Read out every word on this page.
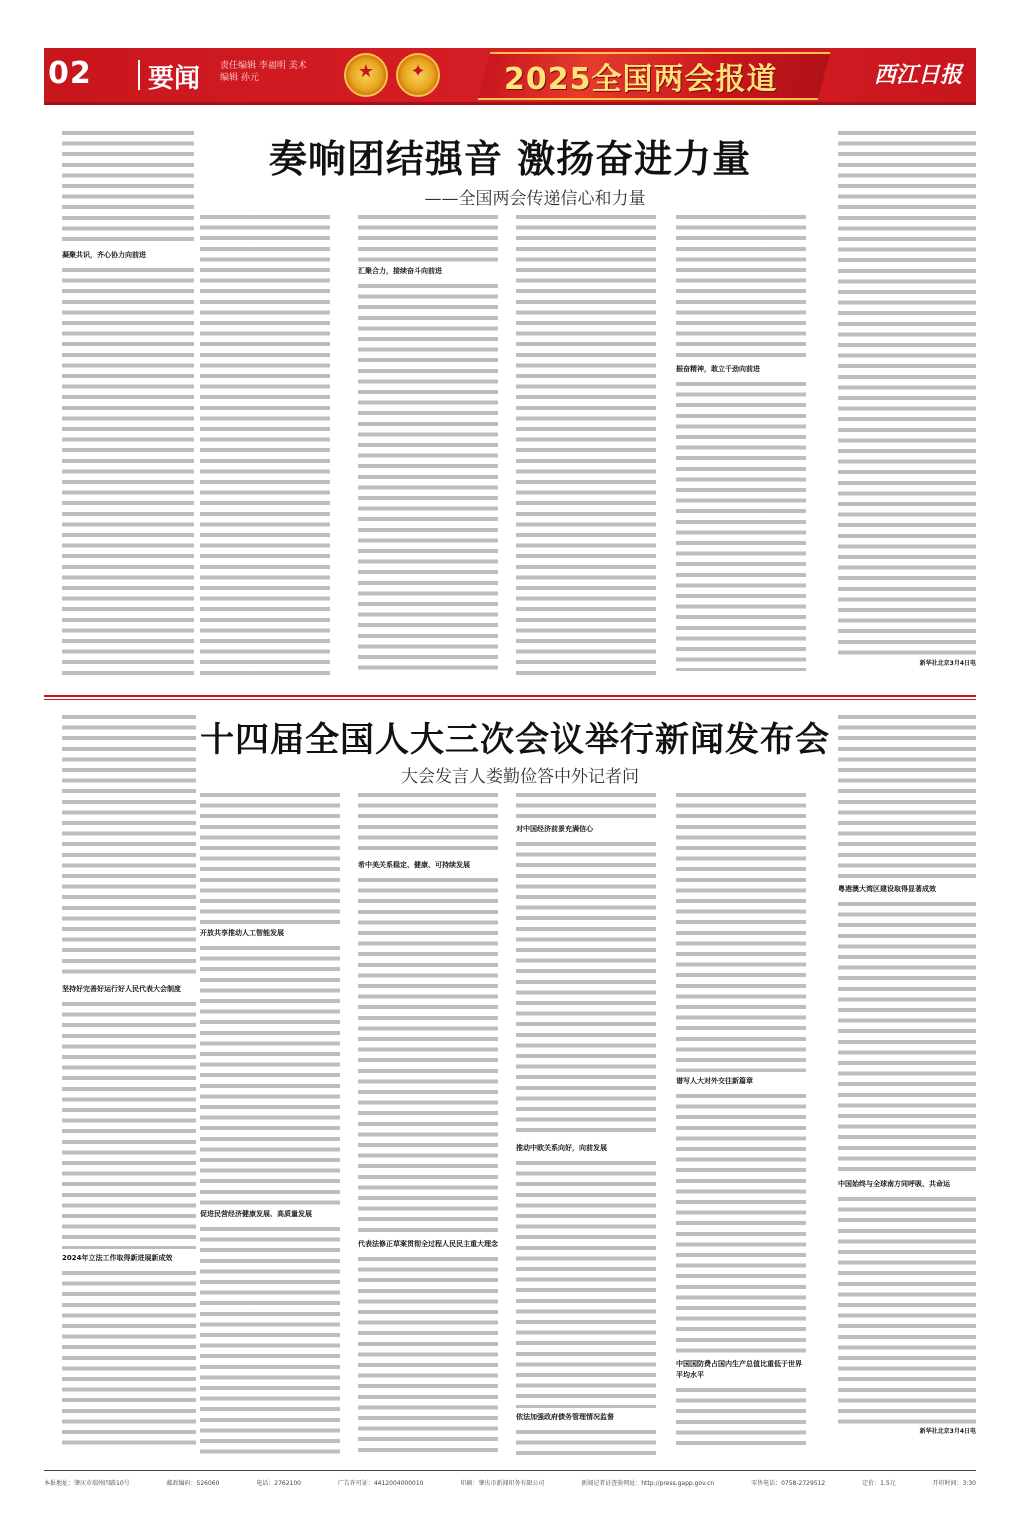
02 要闻 责任编辑 李福明 美术编辑 孙元	★	✦	2025全国两会报道	西江日报
奏响团结强音 激扬奋进力量
——全国两会传递信心和力量
凝聚共识，齐心协力向前进
汇聚合力，接续奋斗向前进
振奋精神，敢立千劲向前进
新华社北京3月4日电
十四届全国人大三次会议举行新闻发布会
大会发言人娄勤俭答中外记者问
坚持好完善好运行好人民代表大会制度
2024年立法工作取得新进展新成效
开放共享推动人工智能发展
促进民营经济健康发展、高质量发展
希中美关系稳定、健康、可持续发展
代表法修正草案贯彻全过程人民民主重大理念
对中国经济前景充满信心
推动中欧关系向好，向前发展
依法加强政府债务管理情况监督
谱写人大对外交往新篇章
中国国防费占国内生产总值比重低于世界平均水平
粤港澳大湾区建设取得显著成效
中国始终与全球南方同呼吸、共命运
新华社北京3月4日电
本报地址：肇庆市端州四路10号	邮政编码：526060	电话：2762100	广告许可证：4412004000010	印刷：肇庆市新闻印务有限公司	新闻记者证查验网址：http://press.gapp.gov.cn	零售电话：0758-2729512	定价：1.5元	开印时间：3:30
